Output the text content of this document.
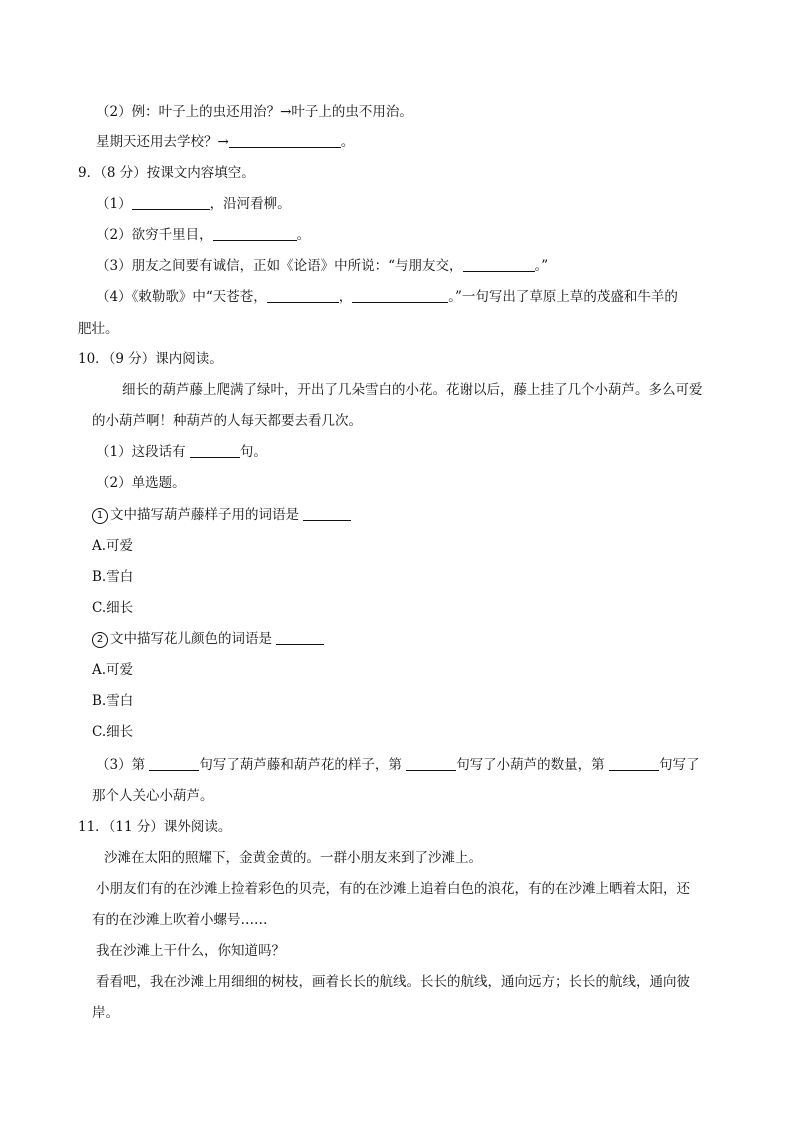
（2）例：叶子上的虫还用治？→叶子上的虫不用治。
星期天还用去学校？→	。
9．（8 分）按课文内容填空。
（1）	，沿河看柳。
（2）欲穷千里目，	。
（3）朋友之间要有诚信，正如《论语》中所说：“与朋友交，	。”
（4）《敕勒歌》中“天苍苍，	，	。”一句写出了草原上草的茂盛和牛羊的
肥壮。
10．（9 分）课内阅读。
细长的葫芦藤上爬满了绿叶，开出了几朵雪白的小花。花谢以后，藤上挂了几个小葫芦。多么可爱
的小葫芦啊！种葫芦的人每天都要去看几次。
（1）这段话有	句。
（2）单选题。
1 文中描写葫芦藤样子用的词语是
A.可爱
B.雪白
C.细长
2 文中描写花儿颜色的词语是
A.可爱
B.雪白
C.细长
（3）第	句写了葫芦藤和葫芦花的样子，第	句写了小葫芦的数量，第	句写了
那个人关心小葫芦。
11．（11 分）课外阅读。
沙滩在太阳的照耀下，金黄金黄的。一群小朋友来到了沙滩上。
小朋友们有的在沙滩上捡着彩色的贝壳，有的在沙滩上追着白色的浪花，有的在沙滩上晒着太阳，还
有的在沙滩上吹着小螺号……
我在沙滩上干什么，你知道吗？
看看吧，我在沙滩上用细细的树枝，画着长长的航线。长长的航线，通向远方；长长的航线，通向彼
岸。
